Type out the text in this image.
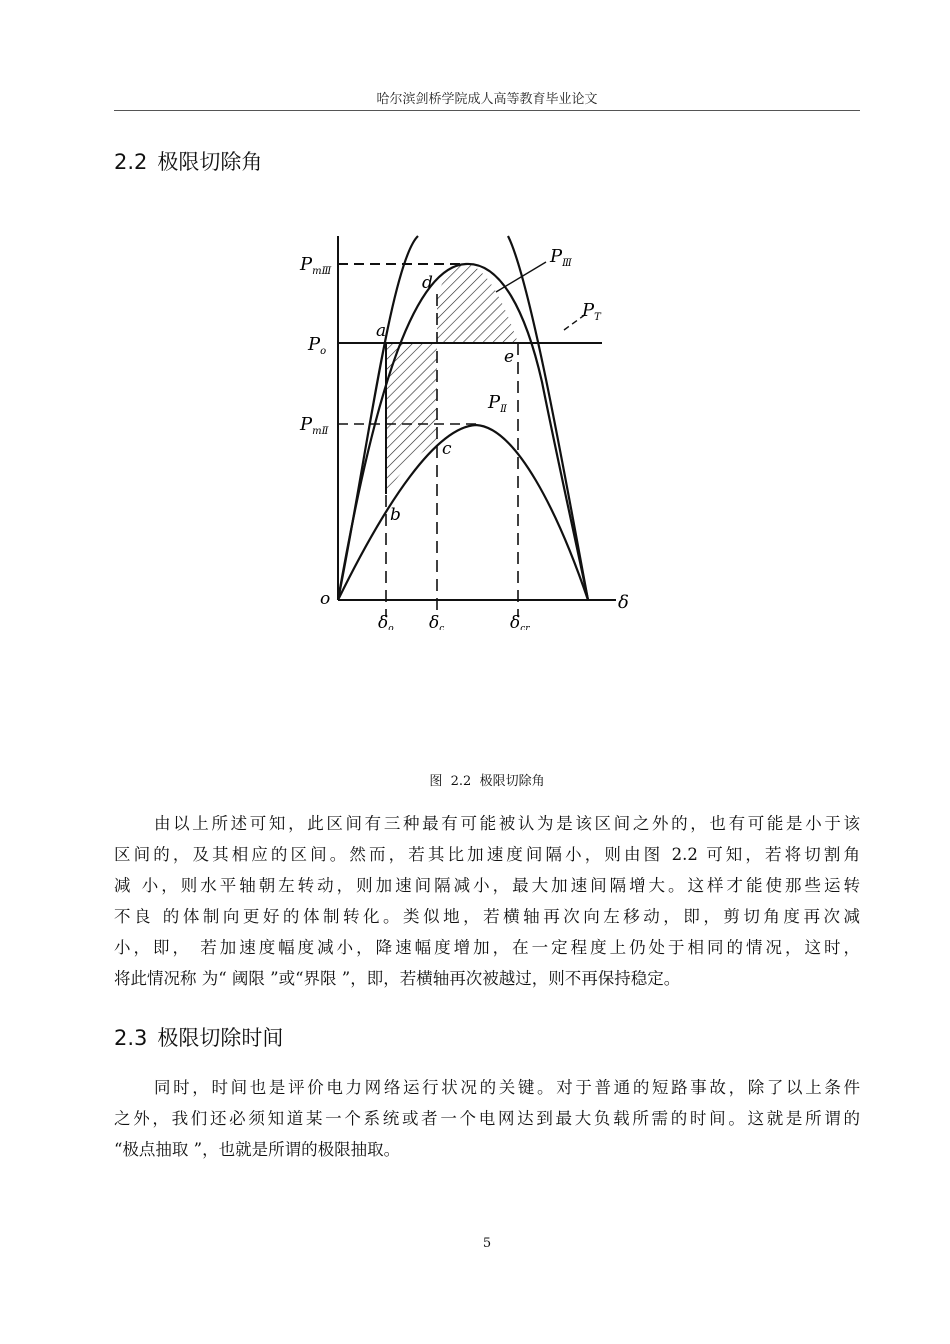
哈尔滨剑桥学院成人高等教育毕业论文
2.2 极限切除角
$P_{mⅢ}$
$P_o$
$P_{mⅡ}$
$P_Ⅲ$
$P_T$
$P_Ⅱ$
a
b
c
d
e
o	δ
δo δc	δcr
图 2.2 极限切除角
由以上所述可知，此区间有三种最有可能被认为是该区间之外的，也有可能是小于该
区间的，及其相应的区间。然而，若其比加速度间隔小，则由图 2.2 可知，若将切割角
减 小，则水平轴朝左转动，则加速间隔减小，最大加速间隔增大。这样才能使那些运转
不良 的体制向更好的体制转化。类似地，若横轴再次向左移动，即，剪切角度再次减
小，即， 若加速度幅度减小，降速幅度增加，在一定程度上仍处于相同的情况，这时，
将此情况称 为“ 阈限 ”或“界限 ”，即，若横轴再次被越过，则不再保持稳定。
2.3 极限切除时间
同时，时间也是评价电力网络运行状况的关键。对于普通的短路事故，除了以上条件
之外，我们还必须知道某一个系统或者一个电网达到最大负载所需的时间。这就是所谓的
“极点抽取 ”，也就是所谓的极限抽取。
5
